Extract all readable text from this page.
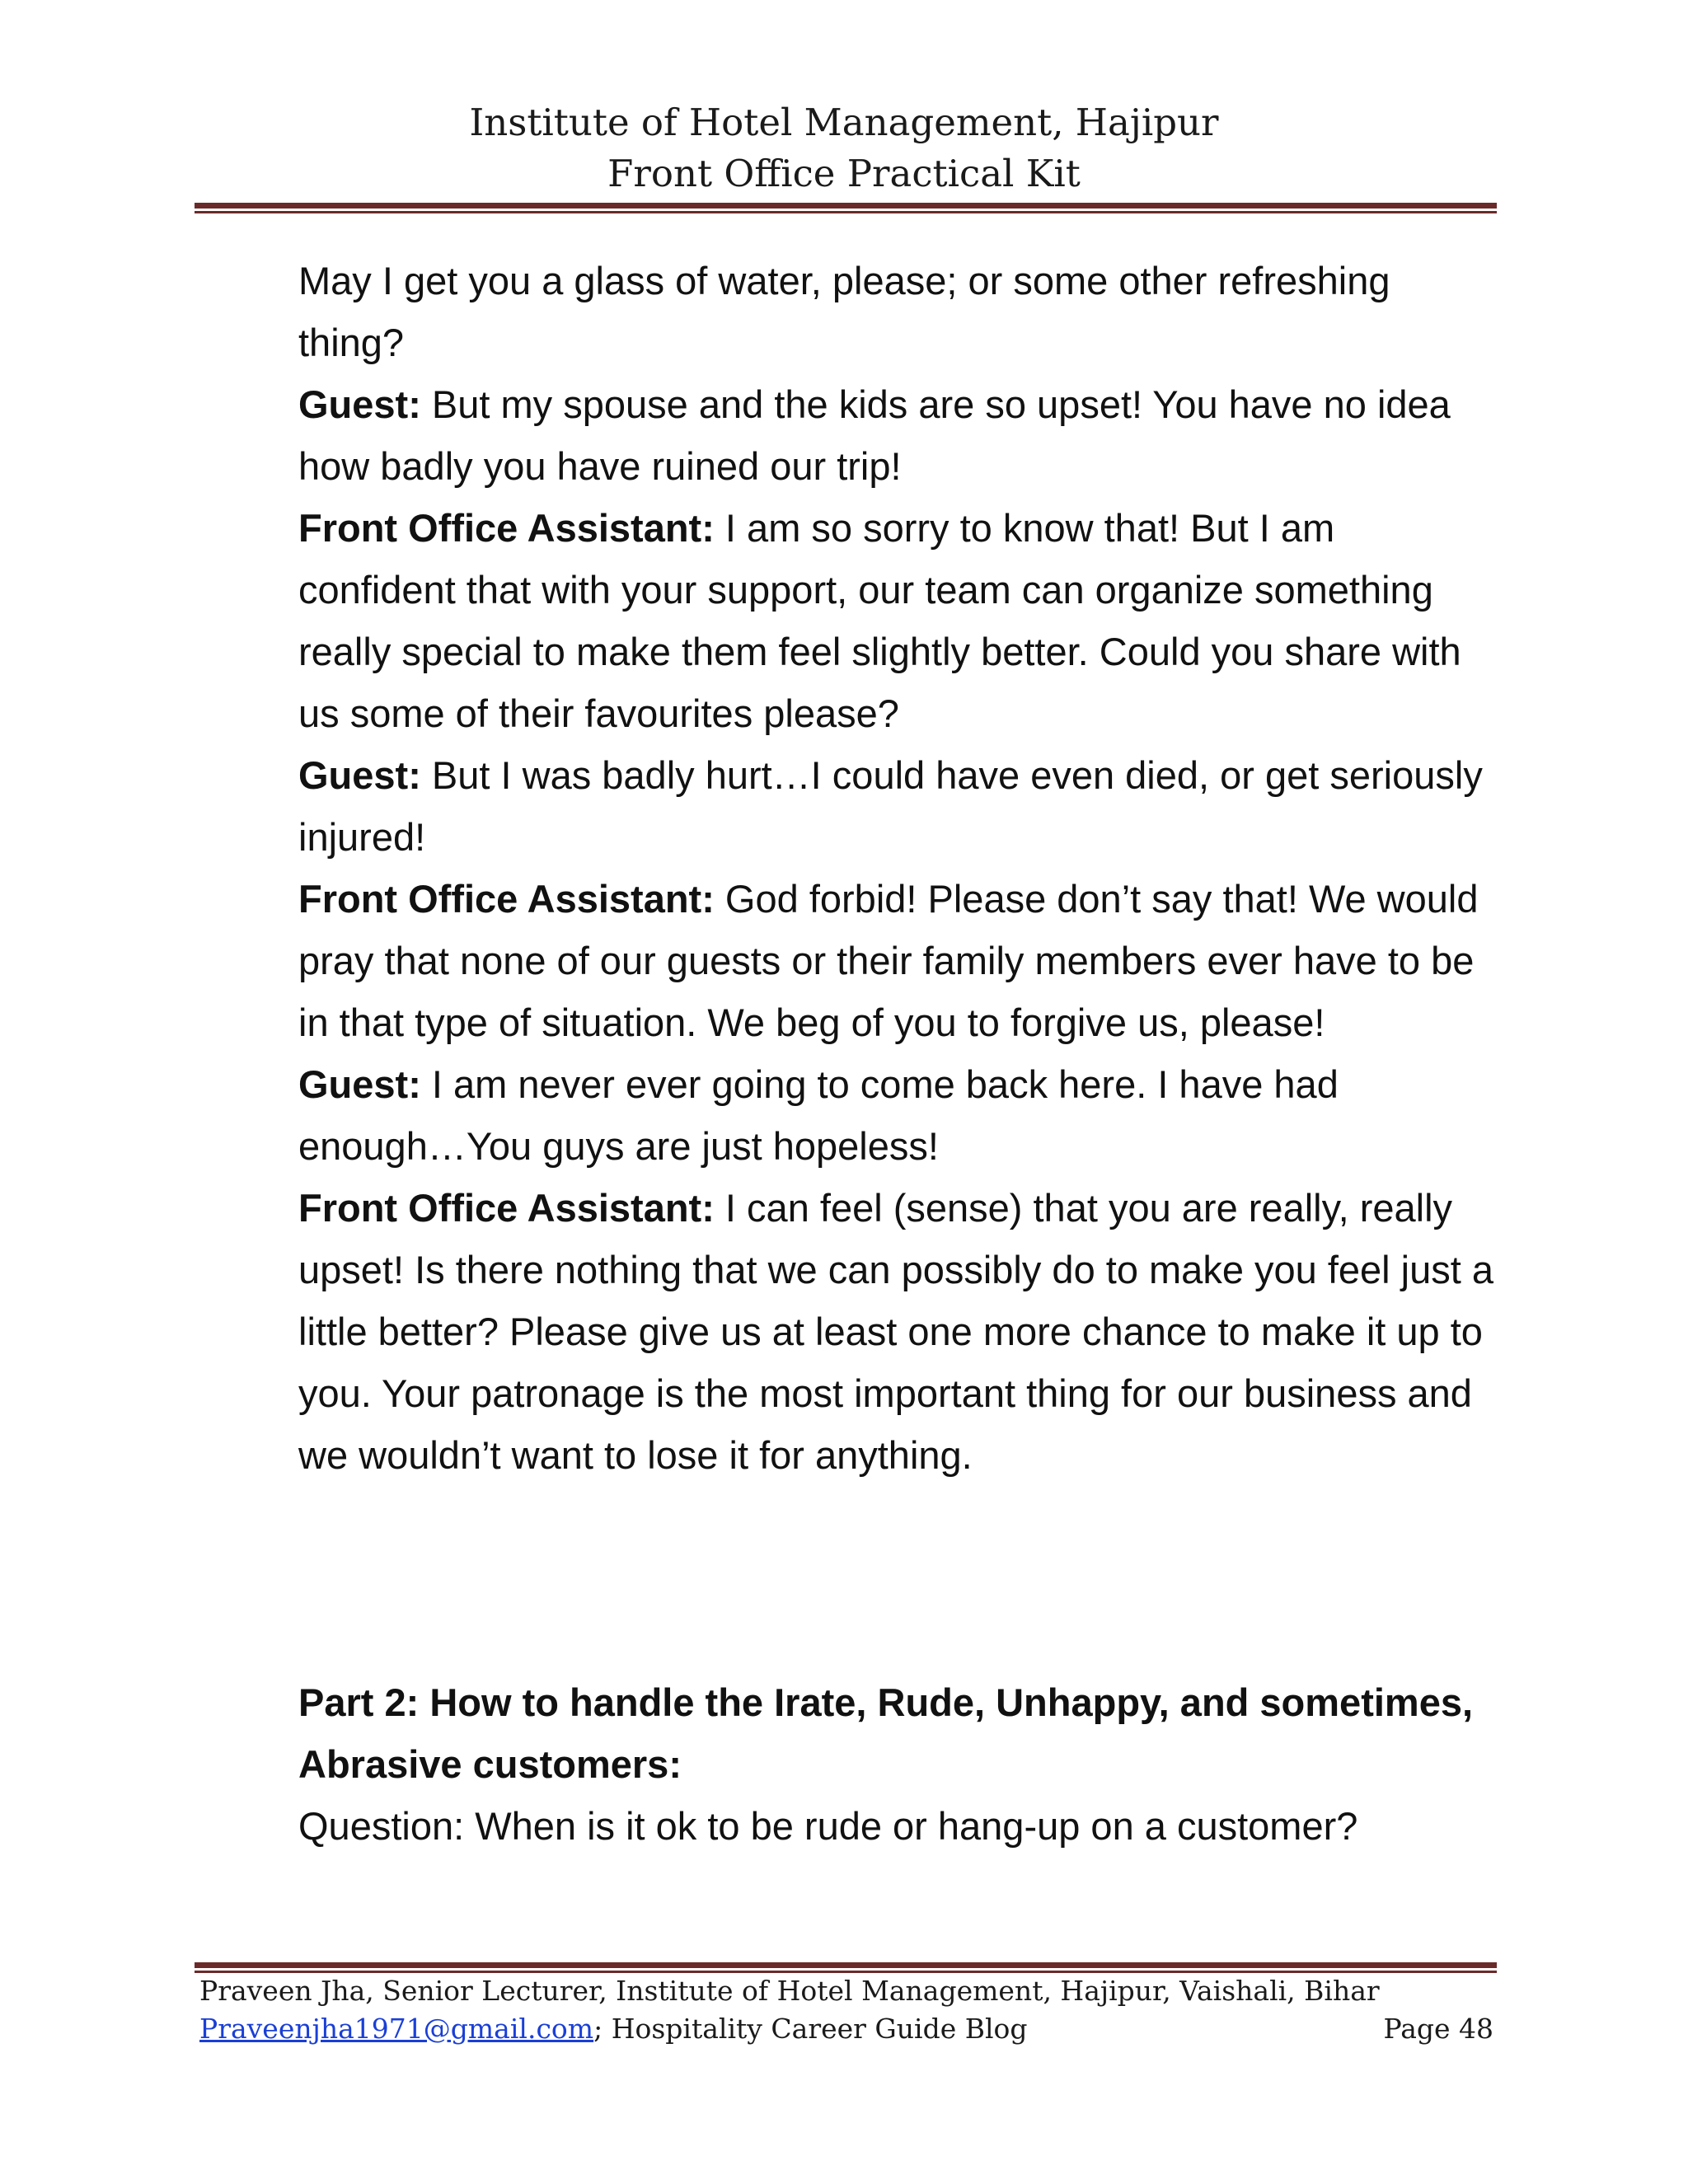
Institute of Hotel Management, Hajipur
Front Office Practical Kit

May I get you a glass of water, please; or some other refreshing thing?

Guest: But my spouse and the kids are so upset! You have no idea how badly you have ruined our trip!

Front Office Assistant: I am so sorry to know that! But I am confident that with your support, our team can organize something really special to make them feel slightly better. Could you share with us some of their favourites please?

Guest: But I was badly hurt…I could have even died, or get seriously injured!

Front Office Assistant: God forbid! Please don’t say that! We would pray that none of our guests or their family members ever have to be in that type of situation. We beg of you to forgive us, please!

Guest: I am never ever going to come back here. I have had enough…You guys are just hopeless!

Front Office Assistant: I can feel (sense) that you are really, really upset! Is there nothing that we can possibly do to make you feel just a little better? Please give us at least one more chance to make it up to you. Your patronage is the most important thing for our business and we wouldn’t want to lose it for anything.

Part 2: How to handle the Irate, Rude, Unhappy, and sometimes, Abrasive customers:

Question: When is it ok to be rude or hang-up on a customer?

Praveen Jha, Senior Lecturer, Institute of Hotel Management, Hajipur, Vaishali, Bihar
Praveenjha1971@gmail.com; Hospitality Career Guide Blog	Page 48
